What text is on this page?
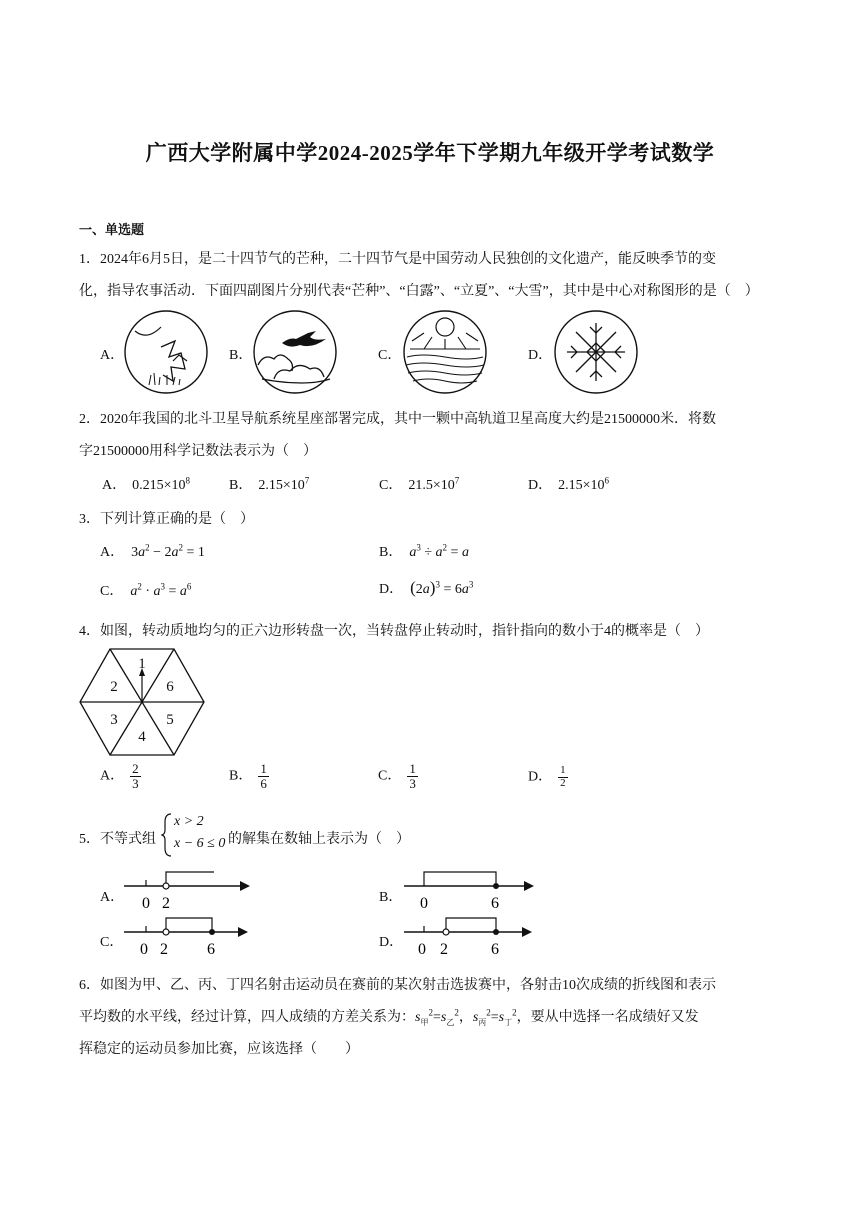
广西大学附属中学2024-2025学年下学期九年级开学考试数学
一、单选题
1．2024年6月5日，是二十四节气的芒种，二十四节气是中国劳动人民独创的文化遗产，能反映季节的变
化，指导农事活动．下面四副图片分别代表“芒种”、“白露”、“立夏”、“大雪”，其中是中心对称图形的是（　）
A．	B．	C．	D．
2．2020年我国的北斗卫星导航系统星座部署完成，其中一颗中高轨道卫星高度大约是21500000米．将数
字21500000用科学记数法表示为（　）
A． $0.215\times 10^8$	B． $2.15\times 10^7$	C． $21.5\times 10^7$	D． $2.15\times 10^6$
3．下列计算正确的是（　）
A．  $3a^2 - 2a^2 = 1$	B． $a^3 \div a^2 = a$
C． $a^2 \cdot a^3 = a^6$	D． $(2a)^3 = 6a^3$
4．如图，转动质地均匀的正六边形转盘一次，当转盘停止转动时，指针指向的数小于4的概率是（　）
1
6
5
4
3
2
A． $\frac{2}{3}$	B． $\frac{1}{6}$	C． $\frac{1}{3}$	D． $\frac{1}{2}$
5．不等式组
x > 2
x − 6 ≤ 0 的解集在数轴上表示为（　）
A． 0 2	B． 0	6
C． 0 2 6	D． 0 2	6
6．如图为甲、乙、丙、丁四名射击运动员在赛前的某次射击选拔赛中，各射击10次成绩的折线图和表示
平均数的水平线，经过计算，四人成绩的方差关系为：$s_甲^2=s_乙^2$，$s_丙^2=s_丁^2$，要从中选择一名成绩好又发
挥稳定的运动员参加比赛，应该选择（　　）
